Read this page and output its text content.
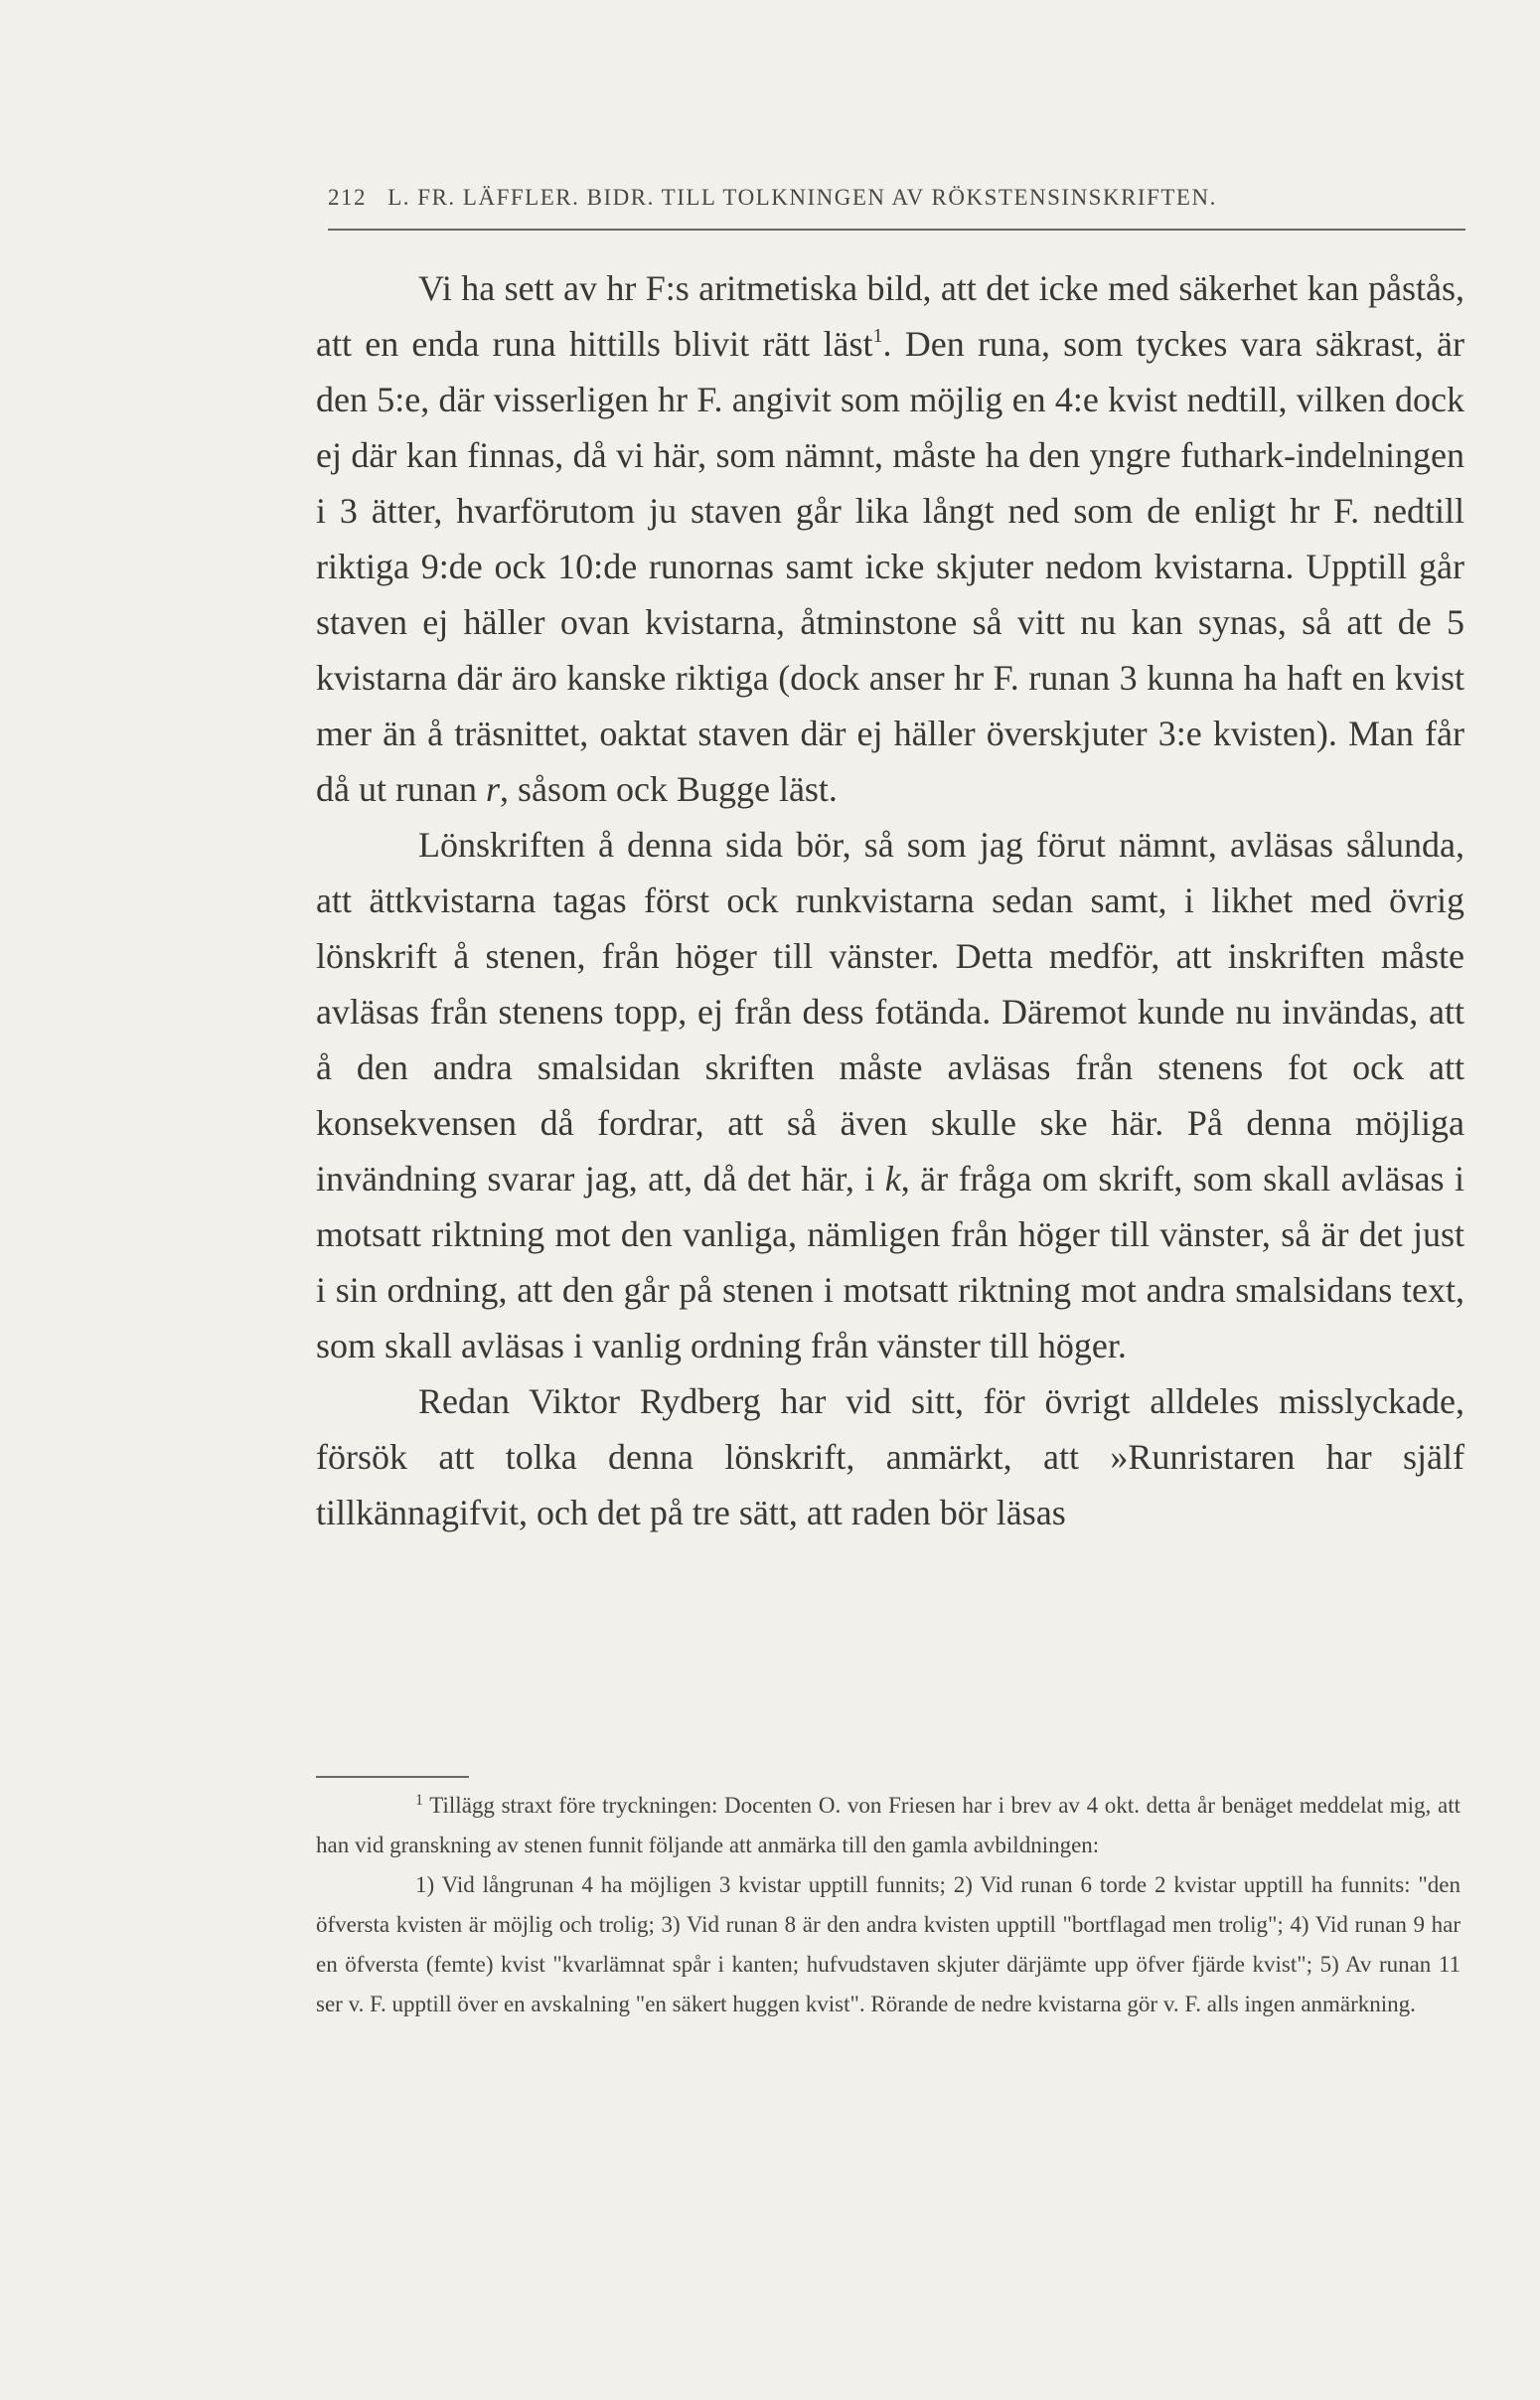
212 L. FR. LÄFFLER. BIDR. TILL TOLKNINGEN AV RÖKSTENSINSKRIFTEN.

Vi ha sett av hr F:s aritmetiska bild, att det icke med säkerhet kan påstås, att en enda runa hittills blivit rätt läst$^1$. Den runa, som tyckes vara säkrast, är den 5:e, där visserligen hr F. angivit som möjlig en 4:e kvist nedtill, vilken dock ej där kan finnas, då vi här, som nämnt, måste ha den yngre futhark-indelningen i 3 ätter, hvarförutom ju staven går lika långt ned som de enligt hr F. nedtill riktiga 9:de ock 10:de runornas samt icke skjuter nedom kvistarna. Upptill går staven ej häller ovan kvistarna, åtminstone så vitt nu kan synas, så att de 5 kvistarna där äro kanske riktiga (dock anser hr F. runan 3 kunna ha haft en kvist mer än å träsnittet, oaktat staven där ej häller överskjuter 3:e kvisten). Man får då ut runan r, såsom ock Bugge läst.

Lönskriften å denna sida bör, så som jag förut nämnt, avläsas sålunda, att ättkvistarna tagas först ock runkvistarna sedan samt, i likhet med övrig lönskrift å stenen, från höger till vänster. Detta medför, att inskriften måste avläsas från stenens topp, ej från dess fotända. Däremot kunde nu invändas, att å den andra smalsidan skriften måste avläsas från stenens fot ock att konsekvensen då fordrar, att så även skulle ske här. På denna möjliga invändning svarar jag, att, då det här, i k, är fråga om skrift, som skall avläsas i motsatt riktning mot den vanliga, nämligen från höger till vänster, så är det just i sin ordning, att den går på stenen i motsatt riktning mot andra smalsidans text, som skall avläsas i vanlig ordning från vänster till höger.

Redan Viktor Rydberg har vid sitt, för övrigt alldeles misslyckade, försök att tolka denna lönskrift, anmärkt, att »Runristaren har själf tillkännagifvit, och det på tre sätt, att raden bör läsas

$^1$ Tillägg straxt före tryckningen: Docenten O. von Friesen har i brev av 4 okt. detta år benäget meddelat mig, att han vid granskning av stenen funnit följande att anmärka till den gamla avbildningen:

1) Vid långrunan 4 ha möjligen 3 kvistar upptill funnits; 2) Vid runan 6 torde 2 kvistar upptill ha funnits: "den öfversta kvisten är möjlig och trolig; 3) Vid runan 8 är den andra kvisten upptill "bortflagad men trolig"; 4) Vid runan 9 har en öfversta (femte) kvist "kvarlämnat spår i kanten; hufvudstaven skjuter därjämte upp öfver fjärde kvist"; 5) Av runan 11 ser v. F. upptill över en avskalning "en säkert huggen kvist". Rörande de nedre kvistarna gör v. F. alls ingen anmärkning.
